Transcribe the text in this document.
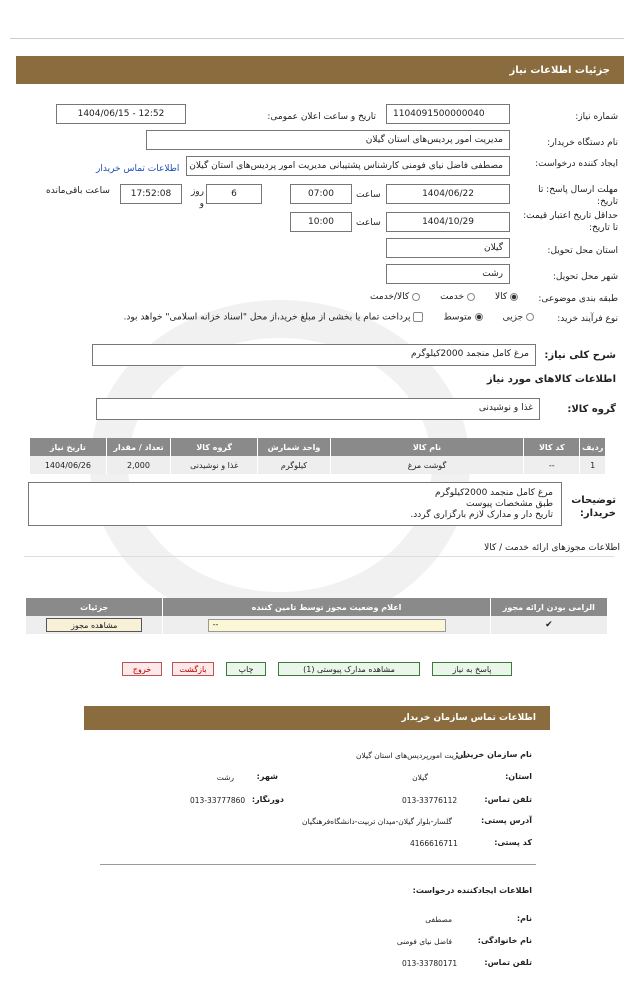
جزئیات اطلاعات نیاز
شماره نیاز:
1104091500000040
تاریخ و ساعت اعلان عمومی:
1404/06/15 - 12:52
نام دستگاه خریدار:
مدیریت امور پردیس‌های استان گیلان
ایجاد کننده درخواست:
مصطفی فاضل نیای فومنی کارشناس پشتیبانی مدیریت امور پردیس‌های استان گیلان
اطلاعات تماس خریدار
مهلت ارسال پاسخ: تا تاریخ:
1404/06/22
ساعت
07:00
6
روز و
17:52:08
ساعت باقی‌مانده
حداقل تاریخ اعتبار قیمت: تا تاریخ:
1404/10/29
ساعت
10:00
استان محل تحویل:
گیلان
شهر محل تحویل:
رشت
طبقه بندی موضوعی:
کالا        خدمت        کالا/خدمت
نوع فرآیند خرید:
جزیی        متوسط        پرداخت تمام یا بخشی از مبلغ خرید،از محل "اسناد خزانه اسلامی" خواهد بود.
شرح کلی نیاز:
مرغ کامل منجمد 2000کیلوگرم
اطلاعات کالاهای مورد نیاز
گروه کالا:
غذا و نوشیدنی
ردیف	کد کالا	نام کالا	واحد شمارش	گروه کالا	تعداد / مقدار	تاریخ نیاز
1	--	گوشت مرغ	کیلوگرم	غذا و نوشیدنی	2,000	1404/06/26
توضیحات خریدار:
مرغ کامل منجمد 2000کیلوگرم
طبق مشخصات پیوست
تاریخ دار و مدارک لازم بارگزاری گردد.
اطلاعات مجوزهای ارائه خدمت / کالا
الزامی بودن ارائه مجوز	اعلام وضعیت مجوز توسط تامین کننده	جزئیات
✔	--	مشاهده مجوز
پاسخ به نیاز
مشاهده مدارک پیوستی (1)
چاپ
بازگشت
خروج
اطلاعات تماس سازمان خریدار
نام سازمان خریدار:
مدیریت امورپردیس‌های استان گیلان
استان:
گیلان
شهر:
رشت
تلفن تماس:
013-33776112
دورنگار:
013-33777860
آدرس پستی:
گلسار-بلوار گیلان-میدان تربیت-دانشگاه‌فرهنگیان
کد پستی:
4166616711
اطلاعات ایجادکننده درخواست:
نام:
مصطفی
نام خانوادگی:
فاضل نیای فومنی
تلفن تماس:
013-33780171
